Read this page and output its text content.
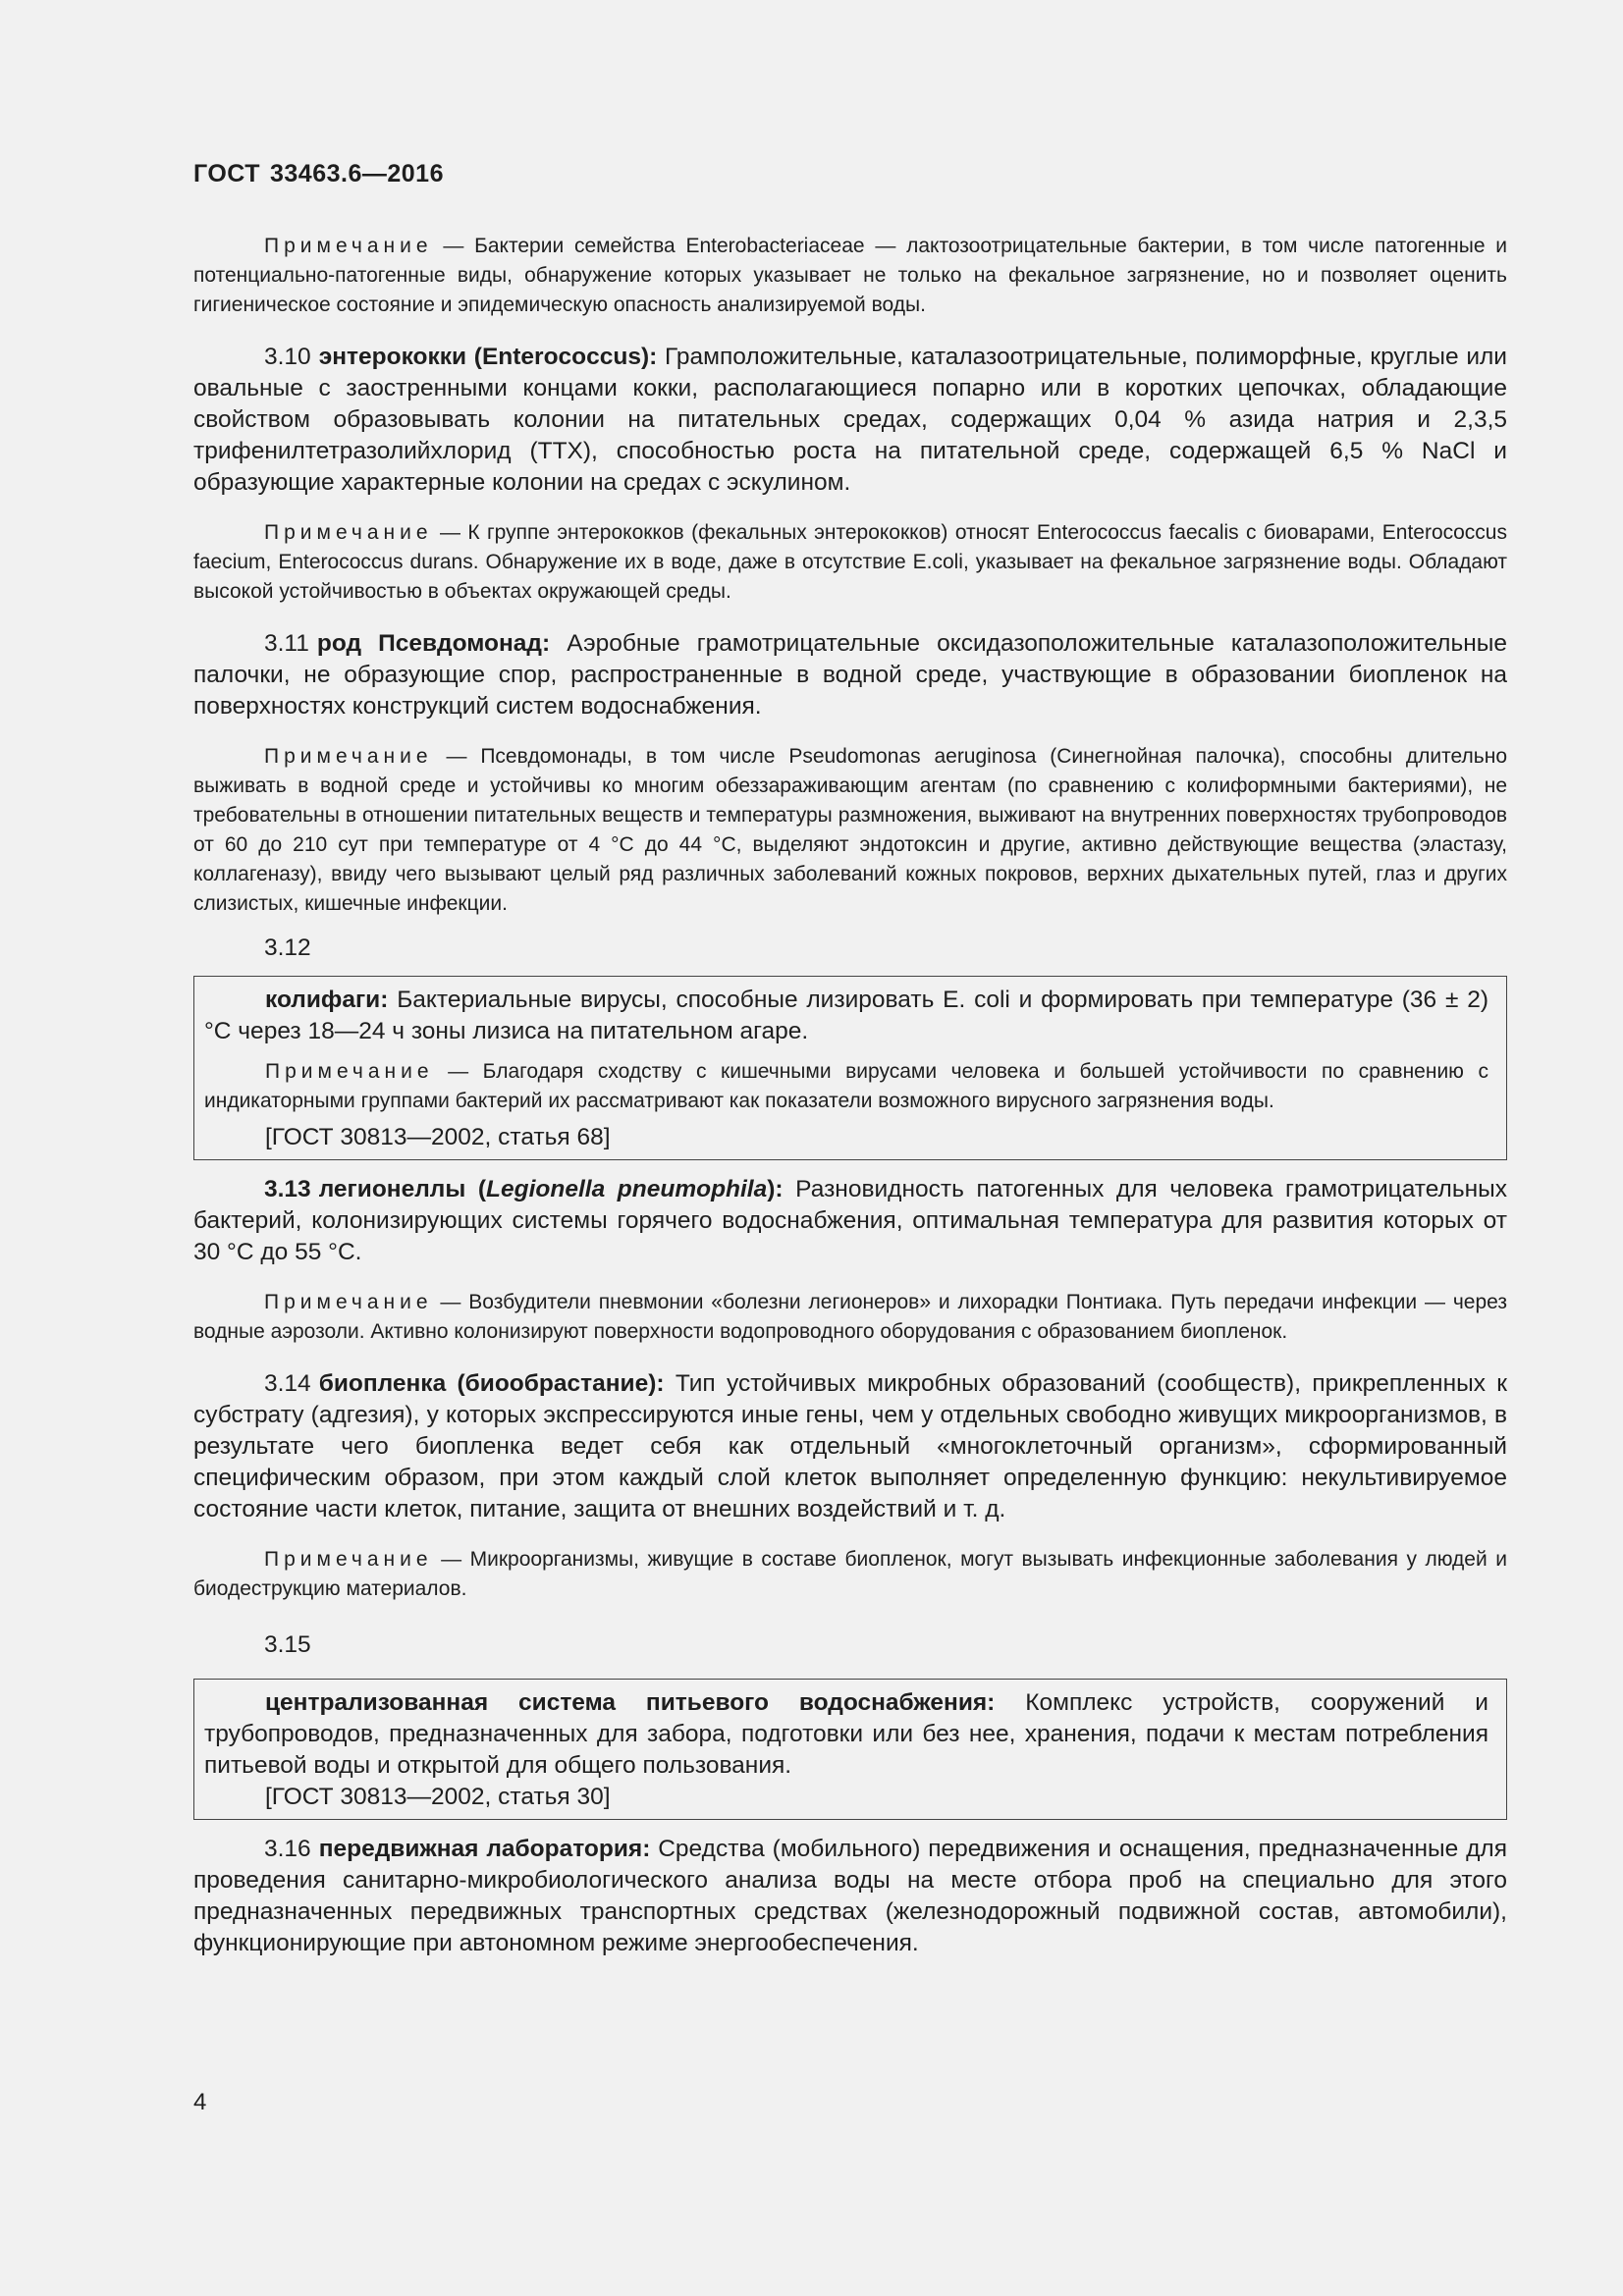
ГОСТ 33463.6—2016

Примечание — Бактерии семейства Enterobacteriaceae — лактозоотрицательные бактерии, в том числе патогенные и потенциально-патогенные виды, обнаружение которых указывает не только на фекальное загрязнение, но и позволяет оценить гигиеническое состояние и эпидемическую опасность анализируемой воды.

3.10 энтерококки (Enterococcus): Грамположительные, каталазоотрицательные, полиморфные, круглые или овальные с заостренными концами кокки, располагающиеся попарно или в коротких цепочках, обладающие свойством образовывать колонии на питательных средах, содержащих 0,04 % азида натрия и 2,3,5 трифенилтетразолийхлорид (ТТХ), способностью роста на питательной среде, содержащей 6,5 % NaCl и образующие характерные колонии на средах с эскулином.

Примечание — К группе энтерококков (фекальных энтерококков) относят Enterococcus faecalis с биоварами, Enterococcus faecium, Enterococcus durans. Обнаружение их в воде, даже в отсутствие E.coli, указывает на фекальное загрязнение воды. Обладают высокой устойчивостью в объектах окружающей среды.

3.11 род Псевдомонад: Аэробные грамотрицательные оксидазоположительные каталазоположительные палочки, не образующие спор, распространенные в водной среде, участвующие в образовании биопленок на поверхностях конструкций систем водоснабжения.

Примечание — Псевдомонады, в том числе Pseudomonas aeruginosa (Синегнойная палочка), способны длительно выживать в водной среде и устойчивы ко многим обеззараживающим агентам (по сравнению с колиформными бактериями), не требовательны в отношении питательных веществ и температуры размножения, выживают на внутренних поверхностях трубопроводов от 60 до 210 сут при температуре от 4 °С до 44 °С, выделяют эндотоксин и другие, активно действующие вещества (эластазу, коллагеназу), ввиду чего вызывают целый ряд различных заболеваний кожных покровов, верхних дыхательных путей, глаз и других слизистых, кишечные инфекции.

3.12

колифаги: Бактериальные вирусы, способные лизировать E. coli и формировать при температуре (36 ± 2) °С через 18—24 ч зоны лизиса на питательном агаре.

Примечание — Благодаря сходству с кишечными вирусами человека и большей устойчивости по сравнению с индикаторными группами бактерий их рассматривают как показатели возможного вирусного загрязнения воды.

[ГОСТ 30813—2002, статья 68]

3.13 легионеллы (Legionella pneumophila): Разновидность патогенных для человека грамотрицательных бактерий, колонизирующих системы горячего водоснабжения, оптимальная температура для развития которых от 30 °С до 55 °С.

Примечание — Возбудители пневмонии «болезни легионеров» и лихорадки Понтиака. Путь передачи инфекции — через водные аэрозоли. Активно колонизируют поверхности водопроводного оборудования с образованием биопленок.

3.14 биопленка (биообрастание): Тип устойчивых микробных образований (сообществ), прикрепленных к субстрату (адгезия), у которых экспрессируются иные гены, чем у отдельных свободно живущих микроорганизмов, в результате чего биопленка ведет себя как отдельный «многоклеточный организм», сформированный специфическим образом, при этом каждый слой клеток выполняет определенную функцию: некультивируемое состояние части клеток, питание, защита от внешних воздействий и т. д.

Примечание — Микроорганизмы, живущие в составе биопленок, могут вызывать инфекционные заболевания у людей и биодеструкцию материалов.

3.15

централизованная система питьевого водоснабжения: Комплекс устройств, сооружений и трубопроводов, предназначенных для забора, подготовки или без нее, хранения, подачи к местам потребления питьевой воды и открытой для общего пользования.

[ГОСТ 30813—2002, статья 30]

3.16 передвижная лаборатория: Средства (мобильного) передвижения и оснащения, предназначенные для проведения санитарно-микробиологического анализа воды на месте отбора проб на специально для этого предназначенных передвижных транспортных средствах (железнодорожный подвижной состав, автомобили), функционирующие при автономном режиме энергообеспечения.

4
